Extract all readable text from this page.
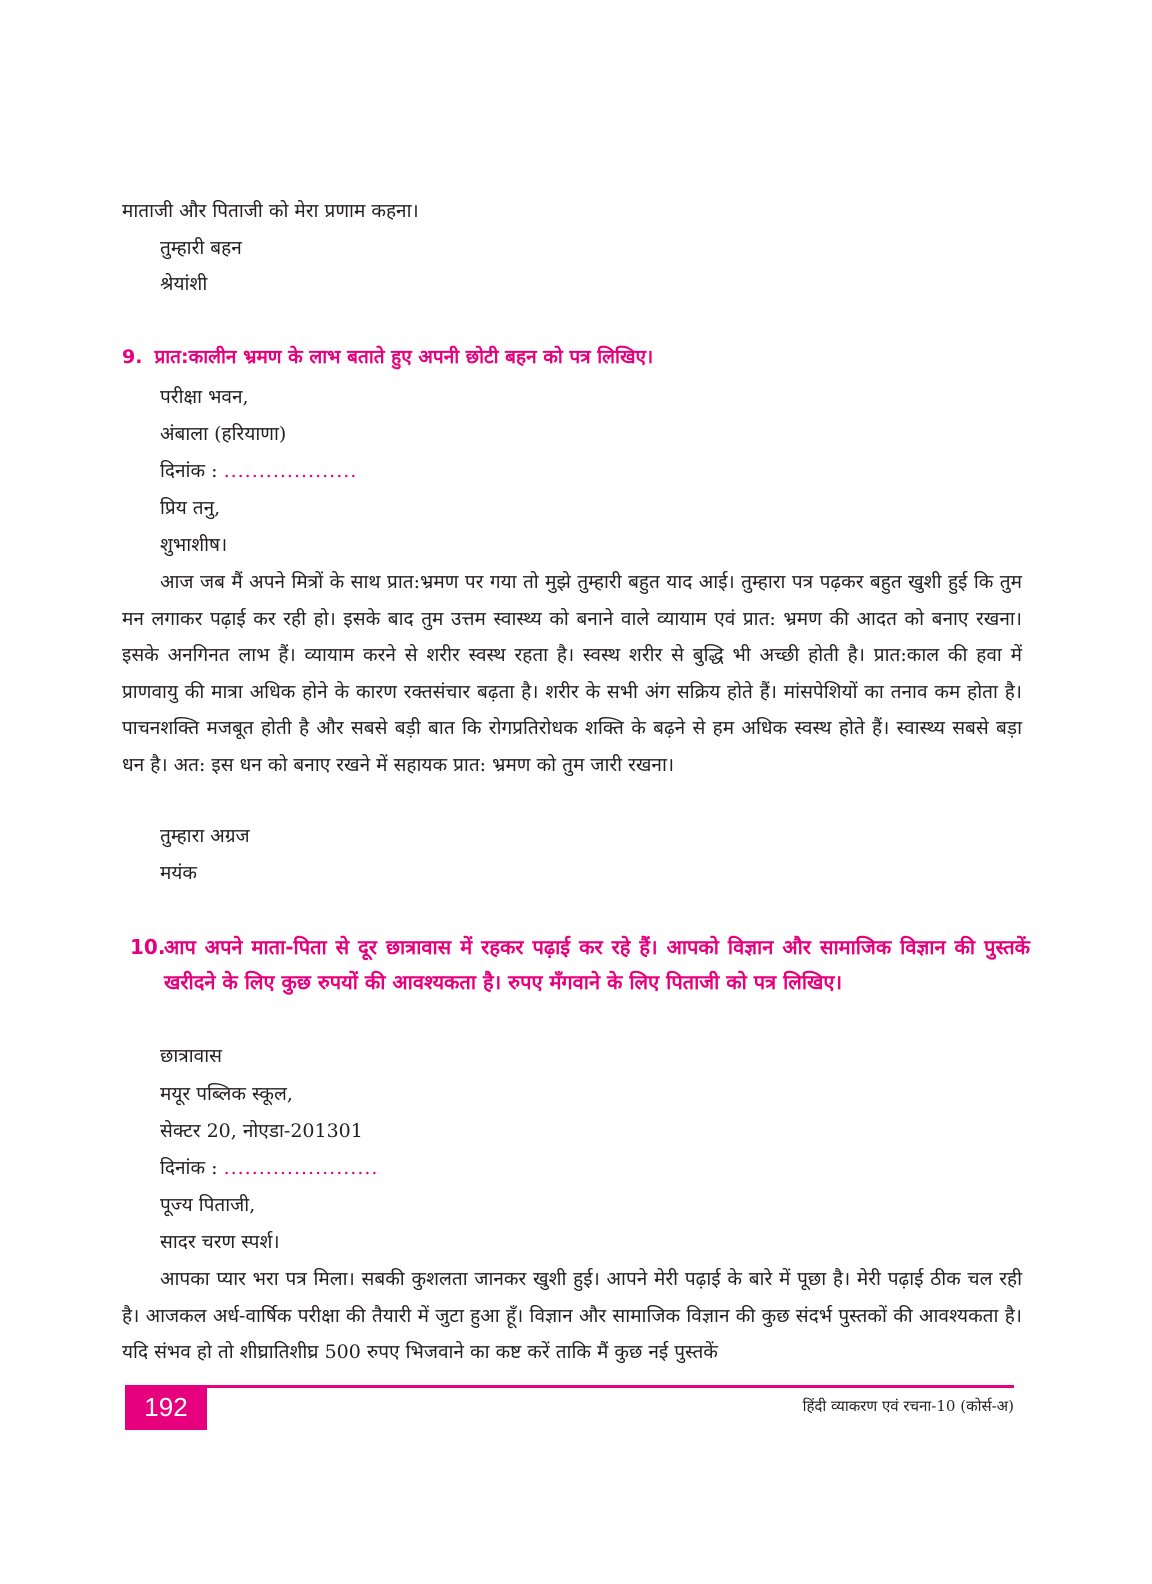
माताजी और पिताजी को मेरा प्रणाम कहना।
तुम्हारी बहन
श्रेयांशी
9. प्रात:कालीन भ्रमण के लाभ बताते हुए अपनी छोटी बहन को पत्र लिखिए।
परीक्षा भवन,
अंबाला (हरियाणा)
दिनांक : ...................
प्रिय तनु,
शुभाशीष।
आज जब मैं अपने मित्रों के साथ प्रात:भ्रमण पर गया तो मुझे तुम्हारी बहुत याद आई। तुम्हारा पत्र पढ़कर बहुत खुशी हुई कि तुम मन लगाकर पढ़ाई कर रही हो। इसके बाद तुम उत्तम स्वास्थ्य को बनाने वाले व्यायाम एवं प्रात: भ्रमण की आदत को बनाए रखना। इसके अनगिनत लाभ हैं। व्यायाम करने से शरीर स्वस्थ रहता है। स्वस्थ शरीर से बुद्धि भी अच्छी होती है। प्रात:काल की हवा में प्राणवायु की मात्रा अधिक होने के कारण रक्तसंचार बढ़ता है। शरीर के सभी अंग सक्रिय होते हैं। मांसपेशियों का तनाव कम होता है। पाचनशक्ति मजबूत होती है और सबसे बड़ी बात कि रोगप्रतिरोधक शक्ति के बढ़ने से हम अधिक स्वस्थ होते हैं। स्वास्थ्य सबसे बड़ा धन है। अत: इस धन को बनाए रखने में सहायक प्रात: भ्रमण को तुम जारी रखना।
तुम्हारा अग्रज
मयंक
10.
आप अपने माता-पिता से दूर छात्रावास में रहकर पढ़ाई कर रहे हैं। आपको विज्ञान और सामाजिक विज्ञान की पुस्तकें खरीदने के लिए कुछ रुपयों की आवश्यकता है। रुपए मँगवाने के लिए पिताजी को पत्र लिखिए।
छात्रावास
मयूर पब्लिक स्कूल,
सेक्टर 20, नोएडा-201301
दिनांक : ......................
पूज्य पिताजी,
सादर चरण स्पर्श।
आपका प्यार भरा पत्र मिला। सबकी कुशलता जानकर खुशी हुई। आपने मेरी पढ़ाई के बारे में पूछा है। मेरी पढ़ाई ठीक चल रही है। आजकल अर्ध-वार्षिक परीक्षा की तैयारी में जुटा हुआ हूँ। विज्ञान और सामाजिक विज्ञान की कुछ संदर्भ पुस्तकों की आवश्यकता है। यदि संभव हो तो शीघ्रातिशीघ्र 500 रुपए भिजवाने का कष्ट करें ताकि मैं कुछ नई पुस्तकें
192	हिंदी व्याकरण एवं रचना-10 (कोर्स-अ)
